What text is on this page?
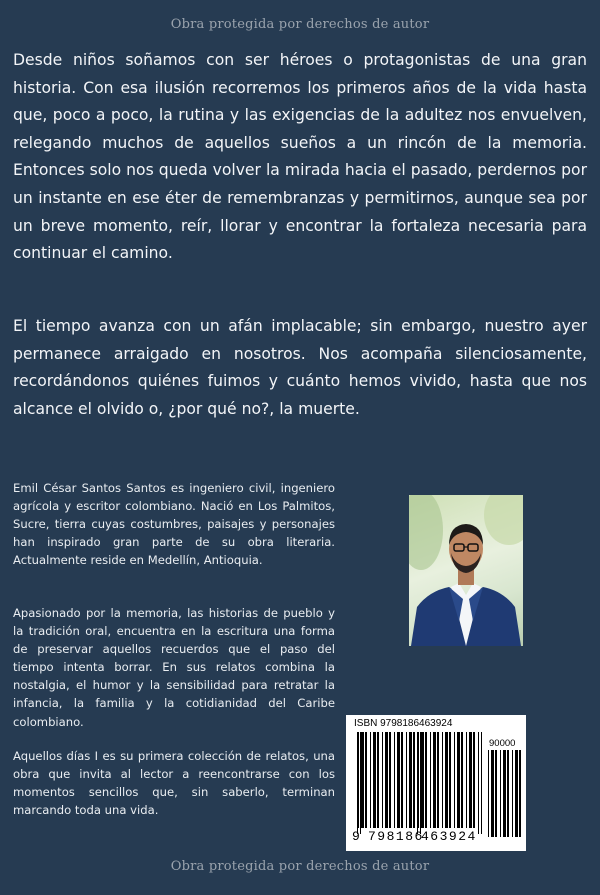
Obra protegida por derechos de autor

Desde niños soñamos con ser héroes o protagonistas de una gran historia. Con esa ilusión recorremos los primeros años de la vida hasta que, poco a poco, la rutina y las exigencias de la adultez nos envuelven, relegando muchos de aquellos sueños a un rincón de la memoria. Entonces solo nos queda volver la mirada hacia el pasado, perdernos por un instante en ese éter de remembranzas y permitirnos, aunque sea por un breve momento, reír, llorar y encontrar la fortaleza necesaria para continuar el camino.

El tiempo avanza con un afán implacable; sin embargo, nuestro ayer permanece arraigado en nosotros. Nos acompaña silenciosamente, recordándonos quiénes fuimos y cuánto hemos vivido, hasta que nos alcance el olvido o, ¿por qué no?, la muerte.

Emil César Santos Santos es ingeniero civil, ingeniero agrícola y escritor colombiano. Nació en Los Palmitos, Sucre, tierra cuyas costumbres, paisajes y personajes han inspirado gran parte de su obra literaria. Actualmente reside en Medellín, Antioquia.

Apasionado por la memoria, las historias de pueblo y la tradición oral, encuentra en la escritura una forma de preservar aquellos recuerdos que el paso del tiempo intenta borrar. En sus relatos combina la nostalgia, el humor y la sensibilidad para retratar la infancia, la familia y la cotidianidad del Caribe colombiano.

Aquellos días I es su primera colección de relatos, una obra que invita al lector a reencontrarse con los momentos sencillos que, sin saberlo, terminan marcando toda una vida.

ISBN 9798186463924
90000
9 798186
463924
Obra protegida por derechos de autor
